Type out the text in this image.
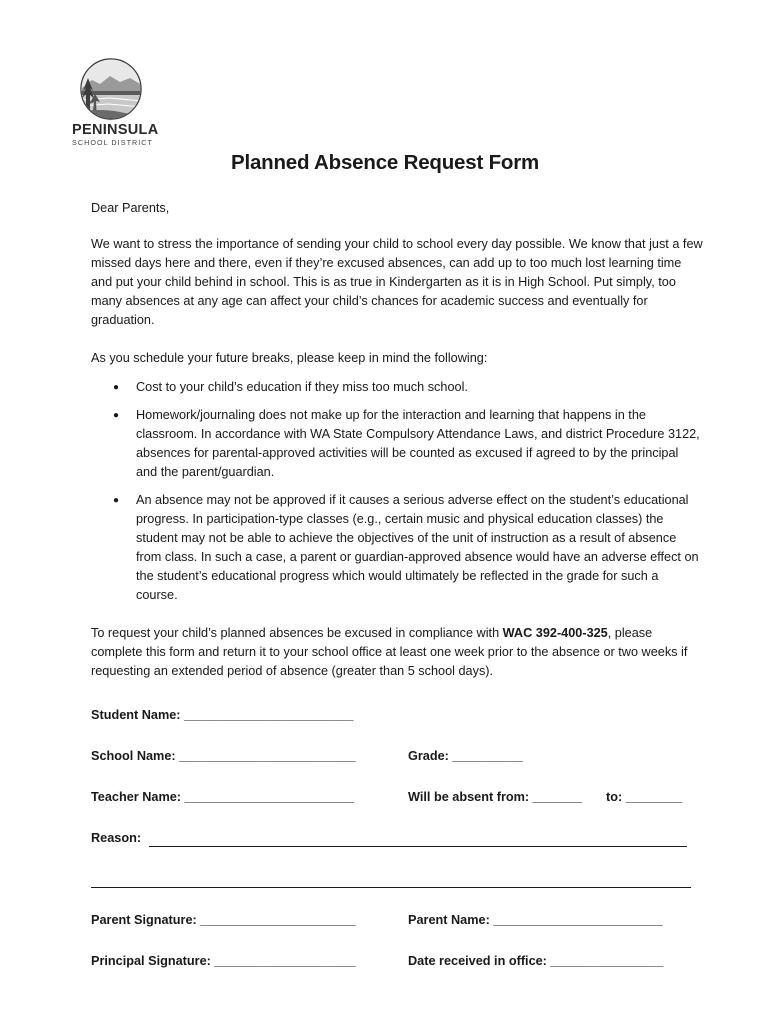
PENINSULA
SCHOOL DISTRICT
Planned Absence Request Form
Dear Parents,
We want to stress the importance of sending your child to school every day possible. We know that just a few missed days here and there, even if they’re excused absences, can add up to too much lost learning time and put your child behind in school. This is as true in Kindergarten as it is in High School. Put simply, too many absences at any age can affect your child’s chances for academic success and eventually for graduation.
As you schedule your future breaks, please keep in mind the following:
● Cost to your child’s education if they miss too much school.
● Homework/journaling does not make up for the interaction and learning that happens in the classroom. In accordance with WA State Compulsory Attendance Laws, and district Procedure 3122, absences for parental-approved activities will be counted as excused if agreed to by the principal and the parent/guardian.
● An absence may not be approved if it causes a serious adverse effect on the student’s educational progress. In participation-type classes (e.g., certain music and physical education classes) the student may not be able to achieve the objectives of the unit of instruction as a result of absence from class. In such a case, a parent or guardian-approved absence would have an adverse effect on the student’s educational progress which would ultimately be reflected in the grade for such a course.
To request your child’s planned absences be excused in compliance with WAC 392-400-325, please complete this form and return it to your school office at least one week prior to the absence or two weeks if requesting an extended period of absence (greater than 5 school days).
Student Name: ________________________
School Name: _________________________	Grade: __________
Teacher Name: ________________________	Will be absent from: _______ to: ________
Reason:
Parent Signature: ______________________	Parent Name: ________________________
Principal Signature: ____________________	Date received in office: ________________
